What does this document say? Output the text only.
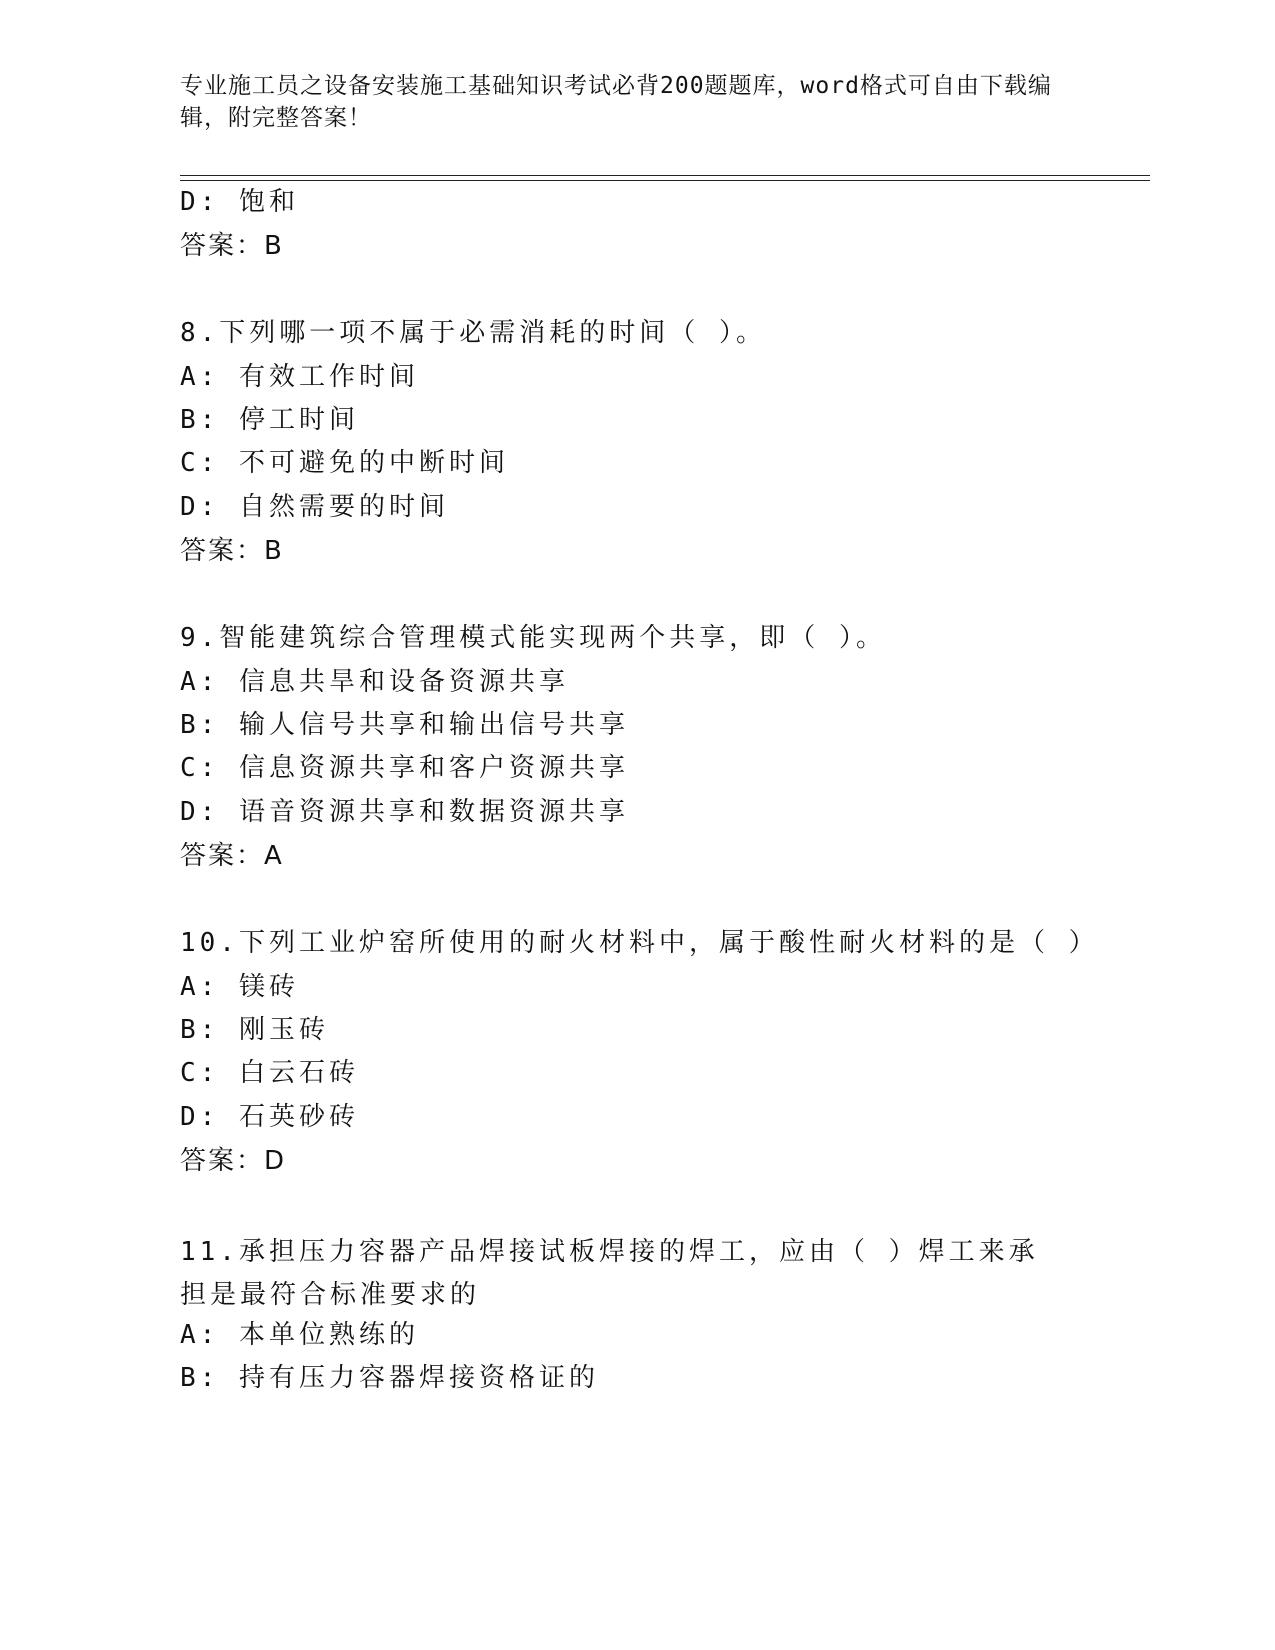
专业施工员之设备安装施工基础知识考试必背200题题库，word格式可自由下载编辑，附完整答案！
D: 饱和
答案：B
8.下列哪一项不属于必需消耗的时间（ ）。
A: 有效工作时间
B: 停工时间
C: 不可避免的中断时间
D: 自然需要的时间
答案：B
9.智能建筑综合管理模式能实现两个共享，即（ ）。
A: 信息共旱和设备资源共享
B: 输人信号共享和输出信号共享
C: 信息资源共享和客户资源共享
D: 语音资源共享和数据资源共享
答案：A
10.下列工业炉窑所使用的耐火材料中，属于酸性耐火材料的是（ ）
A: 镁砖
B: 刚玉砖
C: 白云石砖
D: 石英砂砖
答案：D
11.承担压力容器产品焊接试板焊接的焊工，应由（ ）焊工来承担是最符合标准要求的
A: 本单位熟练的
B: 持有压力容器焊接资格证的
